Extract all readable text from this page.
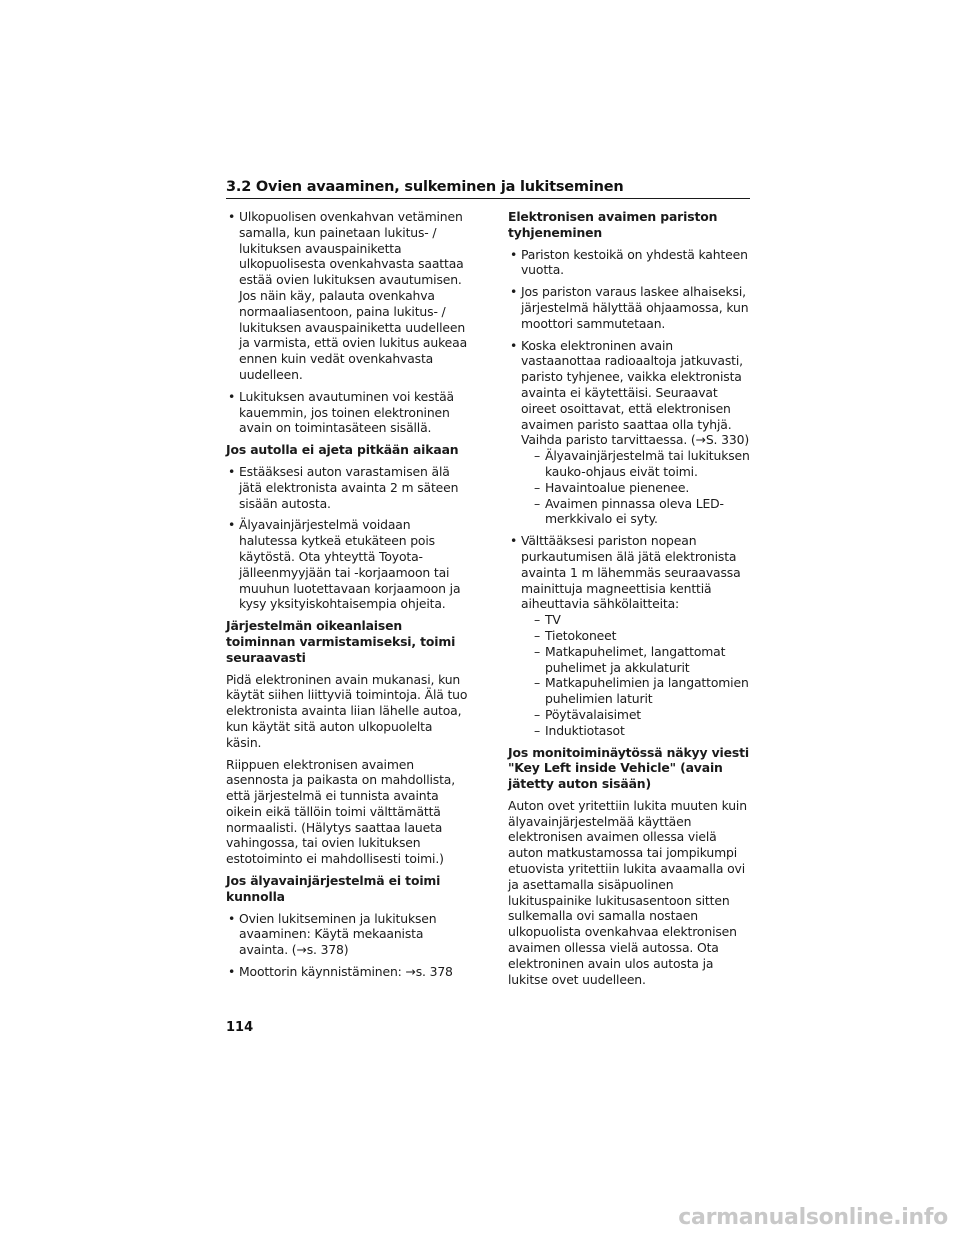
3.2 Ovien avaaminen, sulkeminen ja lukitseminen
• Ulkopuolisen ovenkahvan vetäminen samalla, kun painetaan lukitus- / lukituksen avauspainiketta ulkopuolisesta ovenkahvasta saattaa estää ovien lukituksen avautumisen. Jos näin käy, palauta ovenkahva normaaliasentoon, paina lukitus- / lukituksen avauspainiketta uudelleen ja varmista, että ovien lukitus aukeaa ennen kuin vedät ovenkahvasta uudelleen.
• Lukituksen avautuminen voi kestää kauemmin, jos toinen elektroninen avain on toimintasäteen sisällä.
Jos autolla ei ajeta pitkään aikaan
• Estääksesi auton varastamisen älä jätä elektronista avainta 2 m säteen sisään autosta.
• Älyavainjärjestelmä voidaan halutessa kytkeä etukäteen pois käytöstä. Ota yhteyttä Toyota-jälleenmyyjään tai -korjaamoon tai muuhun luotettavaan korjaamoon ja kysy yksityiskohtaisempia ohjeita.
Järjestelmän oikeanlaisen toiminnan varmistamiseksi, toimi seuraavasti
Pidä elektroninen avain mukanasi, kun käytät siihen liittyviä toimintoja. Älä tuo elektronista avainta liian lähelle autoa, kun käytät sitä auton ulkopuolelta käsin.
Riippuen elektronisen avaimen asennosta ja paikasta on mahdollista, että järjestelmä ei tunnista avainta oikein eikä tällöin toimi välttämättä normaalisti. (Hälytys saattaa laueta vahingossa, tai ovien lukituksen estotoiminto ei mahdollisesti toimi.)
Jos älyavainjärjestelmä ei toimi kunnolla
• Ovien lukitseminen ja lukituksen avaaminen: Käytä mekaanista avainta. (→s. 378)
• Moottorin käynnistäminen: →s. 378
Elektronisen avaimen pariston tyhjeneminen
• Pariston kestoikä on yhdestä kahteen vuotta.
• Jos pariston varaus laskee alhaiseksi, järjestelmä hälyttää ohjaamossa, kun moottori sammutetaan.
• Koska elektroninen avain vastaanottaa radioaaltoja jatkuvasti, paristo tyhjenee, vaikka elektronista avainta ei käytettäisi. Seuraavat oireet osoittavat, että elektronisen avaimen paristo saattaa olla tyhjä. Vaihda paristo tarvittaessa. (→S. 330)
– Älyavainjärjestelmä tai lukituksen kauko-ohjaus eivät toimi.
– Havaintoalue pienenee.
– Avaimen pinnassa oleva LED-merkkivalo ei syty.
• Välttääksesi pariston nopean purkautumisen älä jätä elektronista avainta 1 m lähemmäs seuraavassa mainittuja magneettisia kenttiä aiheuttavia sähkölaitteita:
– TV
– Tietokoneet
– Matkapuhelimet, langattomat puhelimet ja akkulaturit
– Matkapuhelimien ja langattomien puhelimien laturit
– Pöytävalaisimet
– Induktiotasot
Jos monitoiminäytössä näkyy viesti "Key Left inside Vehicle" (avain jätetty auton sisään)
Auton ovet yritettiin lukita muuten kuin älyavainjärjestelmää käyttäen elektronisen avaimen ollessa vielä auton matkustamossa tai jompikumpi etuovista yritettiin lukita avaamalla ovi ja asettamalla sisäpuolinen lukituspainike lukitusasentoon sitten sulkemalla ovi samalla nostaen ulkopuolista ovenkahvaa elektronisen avaimen ollessa vielä autossa. Ota elektroninen avain ulos autosta ja lukitse ovet uudelleen.
114
carmanualsonline.info
